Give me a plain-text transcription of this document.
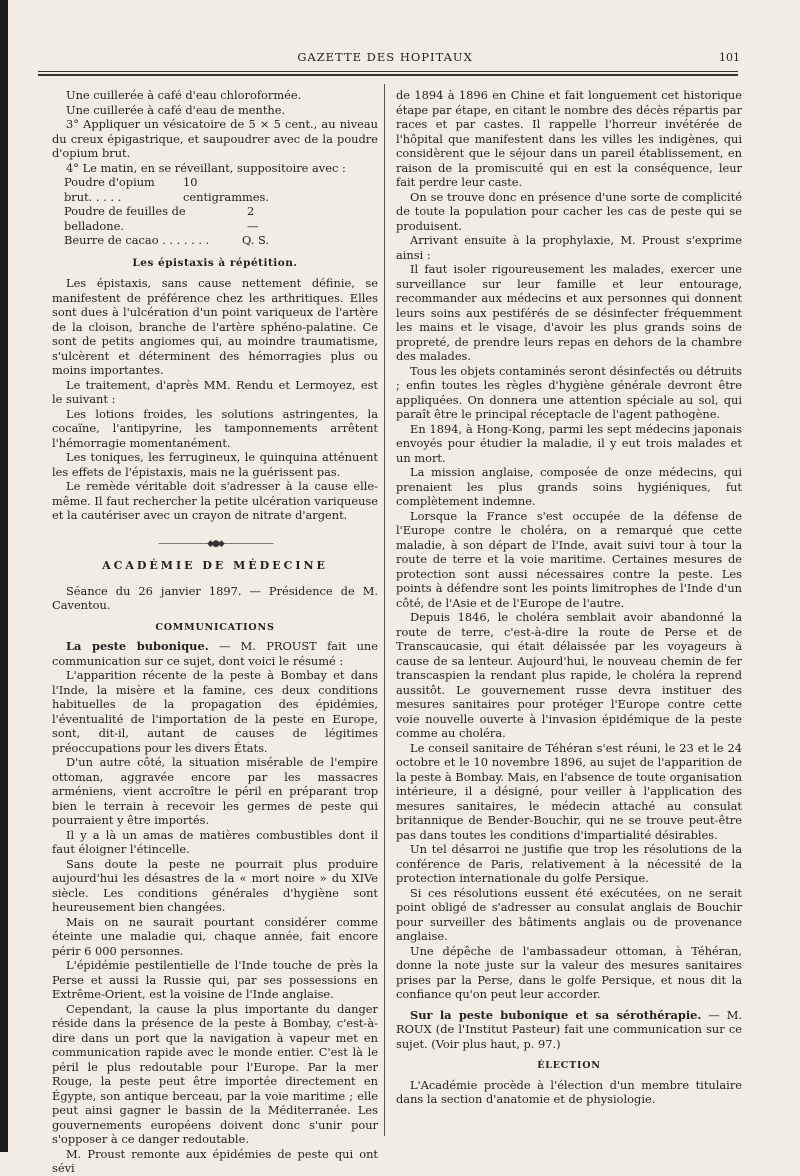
GAZETTE DES HOPITAUX	101

Une cuillerée à café d'eau chloroformée.

Une cuillerée à café d'eau de menthe.

3° Appliquer un vésicatoire de 5 × 5 cent., au niveau du creux épigastrique, et saupoudrer avec de la poudre d'opium brut.

4° Le matin, en se réveillant, suppositoire avec :

Poudre d'opium brut. . . . .
10 centigrammes.
Poudre de feuilles de belladone.
2 —
Beurre de cacao . . . . . . .	Q. S.
Les épistaxis à répétition.

Les épistaxis, sans cause nettement définie, se manifestent de préférence chez les arthritiques. Elles sont dues à l'ulcération d'un point variqueux de l'artère de la cloison, branche de l'artère sphéno-palatine. Ce sont de petits angiomes qui, au moindre traumatisme, s'ulcèrent et déterminent des hémorragies plus ou moins importantes.

Le traitement, d'après MM. Rendu et Lermoyez, est le suivant :

Les lotions froides, les solutions astringentes, la cocaïne, l'antipyrine, les tamponnements arrêtent l'hémorragie momentanément.

Les toniques, les ferrugineux, le quinquina atténuent les effets de l'épistaxis, mais ne la guérissent pas.

Le remède véritable doit s'adresser à la cause elle-même. Il faut rechercher la petite ulcération variqueuse et la cautériser avec un crayon de nitrate d'argent.

———————◆●◆———————
ACADÉMIE DE MÉDECINE

Séance du 26 janvier 1897. — Présidence de M. Caventou.

COMMUNICATIONS

La peste bubonique. — M. PROUST fait une communication sur ce sujet, dont voici le résumé :

L'apparition récente de la peste à Bombay et dans l'Inde, la misère et la famine, ces deux conditions habituelles de la propagation des épidémies, l'éventualité de l'importation de la peste en Europe, sont, dit-il, autant de causes de légitimes préoccupations pour les divers États.

D'un autre côté, la situation misérable de l'empire ottoman, aggravée encore par les massacres arméniens, vient accroître le péril en préparant trop bien le terrain à recevoir les germes de peste qui pourraient y être importés.

Il y a là un amas de matières combustibles dont il faut éloigner l'étincelle.

Sans doute la peste ne pourrait plus produire aujourd'hui les désastres de la « mort noire » du XIVe siècle. Les conditions générales d'hygiène sont heureusement bien changées.

Mais on ne saurait pourtant considérer comme éteinte une maladie qui, chaque année, fait encore périr 6 000 personnes.

L'épidémie pestilentielle de l'Inde touche de près la Perse et aussi la Russie qui, par ses possessions en Extrême-Orient, est la voisine de l'Inde anglaise.

Cependant, la cause la plus importante du danger réside dans la présence de la peste à Bombay, c'est-à-dire dans un port que la navigation à vapeur met en communication rapide avec le monde entier. C'est là le péril le plus redoutable pour l'Europe. Par la mer Rouge, la peste peut être importée directement en Égypte, son antique berceau, par la voie maritime ; elle peut ainsi gagner le bassin de la Méditerranée. Les gouvernements européens doivent donc s'unir pour s'opposer à ce danger redoutable.

M. Proust remonte aux épidémies de peste qui ont sévi

de 1894 à 1896 en Chine et fait longuement cet historique étape par étape, en citant le nombre des décès répartis par races et par castes. Il rappelle l'horreur invétérée de l'hôpital que manifestent dans les villes les indigènes, qui considèrent que le séjour dans un pareil établissement, en raison de la promiscuité qui en est la conséquence, leur fait perdre leur caste.

On se trouve donc en présence d'une sorte de complicité de toute la population pour cacher les cas de peste qui se produisent.

Arrivant ensuite à la prophylaxie, M. Proust s'exprime ainsi :

Il faut isoler rigoureusement les malades, exercer une surveillance sur leur famille et leur entourage, recommander aux médecins et aux personnes qui donnent leurs soins aux pestiférés de se désinfecter fréquemment les mains et le visage, d'avoir les plus grands soins de propreté, de prendre leurs repas en dehors de la chambre des malades.

Tous les objets contaminés seront désinfectés ou détruits ; enfin toutes les règles d'hygiène générale devront être appliquées. On donnera une attention spéciale au sol, qui paraît être le principal réceptacle de l'agent pathogène.

En 1894, à Hong-Kong, parmi les sept médecins japonais envoyés pour étudier la maladie, il y eut trois malades et un mort.

La mission anglaise, composée de onze médecins, qui prenaient les plus grands soins hygiéniques, fut complètement indemne.

Lorsque la France s'est occupée de la défense de l'Europe contre le choléra, on a remarqué que cette maladie, à son départ de l'Inde, avait suivi tour à tour la route de terre et la voie maritime. Certaines mesures de protection sont aussi nécessaires contre la peste. Les points à défendre sont les points limitrophes de l'Inde d'un côté, de l'Asie et de l'Europe de l'autre.

Depuis 1846, le choléra semblait avoir abandonné la route de terre, c'est-à-dire la route de Perse et de Transcaucasie, qui était délaissée par les voyageurs à cause de sa lenteur. Aujourd'hui, le nouveau chemin de fer transcaspien la rendant plus rapide, le choléra la reprend aussitôt. Le gouvernement russe devra instituer des mesures sanitaires pour protéger l'Europe contre cette voie nouvelle ouverte à l'invasion épidémique de la peste comme au choléra.

Le conseil sanitaire de Téhéran s'est réuni, le 23 et le 24 octobre et le 10 novembre 1896, au sujet de l'apparition de la peste à Bombay. Mais, en l'absence de toute organisation intérieure, il a désigné, pour veiller à l'application des mesures sanitaires, le médecin attaché au consulat britannique de Bender-Bouchir, qui ne se trouve peut-être pas dans toutes les conditions d'impartialité désirables.

Un tel désarroi ne justifie que trop les résolutions de la conférence de Paris, relativement à la nécessité de la protection internationale du golfe Persique.

Si ces résolutions eussent été exécutées, on ne serait point obligé de s'adresser au consulat anglais de Bouchir pour surveiller des bâtiments anglais ou de provenance anglaise.

Une dépêche de l'ambassadeur ottoman, à Téhéran, donne la note juste sur la valeur des mesures sanitaires prises par la Perse, dans le golfe Persique, et nous dit la confiance qu'on peut leur accorder.

Sur la peste bubonique et sa sérothérapie. — M. ROUX (de l'Institut Pasteur) fait une communication sur ce sujet. (Voir plus haut, p. 97.)

ÉLECTION

L'Académie procède à l'élection d'un membre titulaire dans la section d'anatomie et de physiologie.
